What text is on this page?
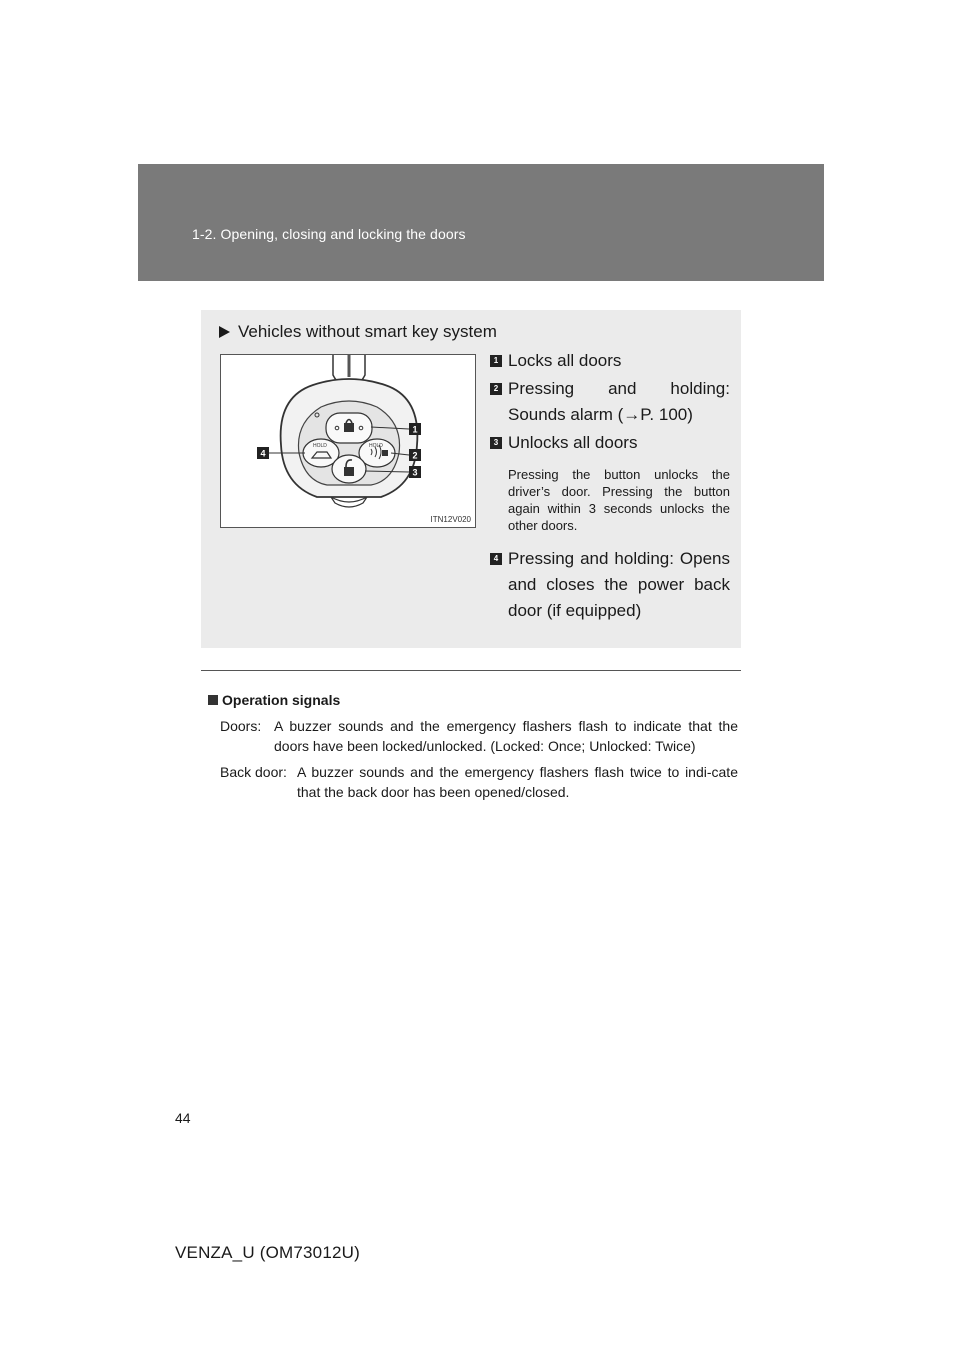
1-2. Opening, closing and locking the doors
Vehicles without smart key system
HOLD	HOLD
1
2
3
4
ITN12V020
1 Locks all doors
2 Pressing and holding: Sounds alarm (→P. 100)
3 Unlocks all doors
Pressing the button unlocks the driver’s door. Pressing the button again within 3 seconds unlocks the other doors.
4 Pressing and holding: Opens and closes the power back door (if equipped)
Operation signals
Doors: A buzzer sounds and the emergency flashers flash to indicate that the doors have been locked/unlocked. (Locked: Once; Unlocked: Twice)
Back door: A buzzer sounds and the emergency flashers flash twice to indi-cate that the back door has been opened/closed.
44
VENZA_U (OM73012U)
